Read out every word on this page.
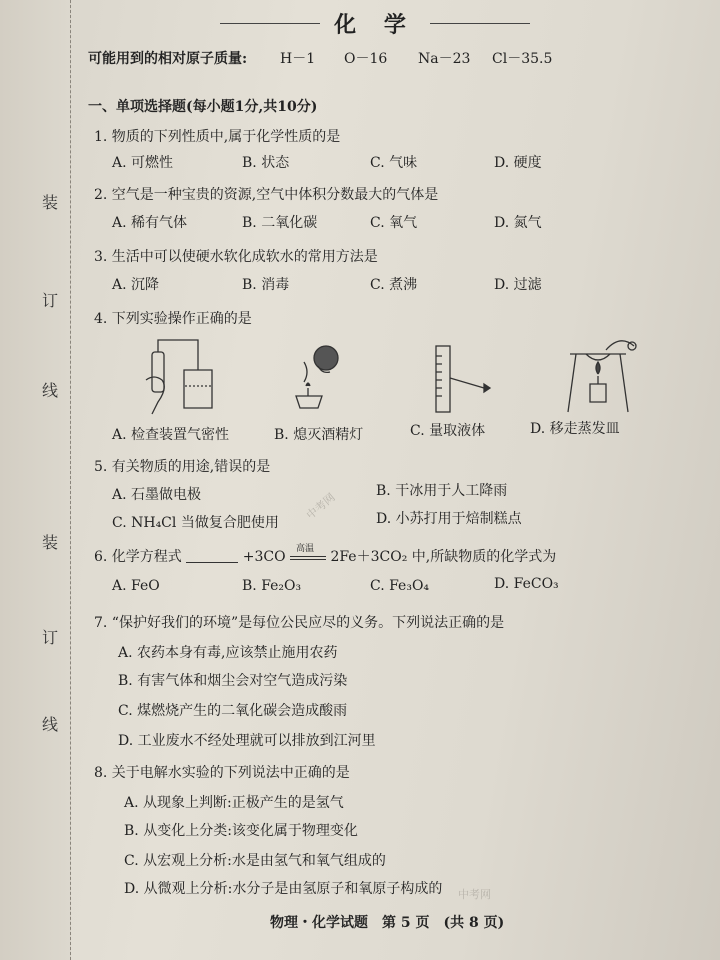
装
订
线
装
订
线
化 学
可能用到的相对原子质量: H－1 O－16 Na－23 Cl－35.5
一、单项选择题(每小题1分,共10分)
1. 物质的下列性质中,属于化学性质的是
A. 可燃性	B. 状态	C. 气味	D. 硬度
2. 空气是一种宝贵的资源,空气中体积分数最大的气体是
A. 稀有气体	B. 二氧化碳	C. 氧气	D. 氮气
3. 生活中可以使硬水软化成软水的常用方法是
A. 沉降	B. 消毒	C. 煮沸	D. 过滤
4. 下列实验操作正确的是
A. 检查装置气密性	B. 熄灭酒精灯	C. 量取液体	D. 移走蒸发皿
5. 有关物质的用途,错误的是
A. 石墨做电极	B. 干冰用于人工降雨
C. NH₄Cl 当做复合肥使用	D. 小苏打用于焙制糕点
6. 化学方程式	+3CO 高温 2Fe＋3CO₂ 中,所缺物质的化学式为
A. FeO	B. Fe₂O₃	C. Fe₃O₄	D. FeCO₃
7. “保护好我们的环境”是每位公民应尽的义务。下列说法正确的是
A. 农药本身有毒,应该禁止施用农药
B. 有害气体和烟尘会对空气造成污染
C. 煤燃烧产生的二氧化碳会造成酸雨
D. 工业废水不经处理就可以排放到江河里
8. 关于电解水实验的下列说法中正确的是
A. 从现象上判断:正极产生的是氢气
B. 从变化上分类:该变化属于物理变化
C. 从宏观上分析:水是由氢气和氧气组成的
D. 从微观上分析:水分子是由氢原子和氧原子构成的
物理・化学试题　第 5 页　(共 8 页)
中考网
中考网
